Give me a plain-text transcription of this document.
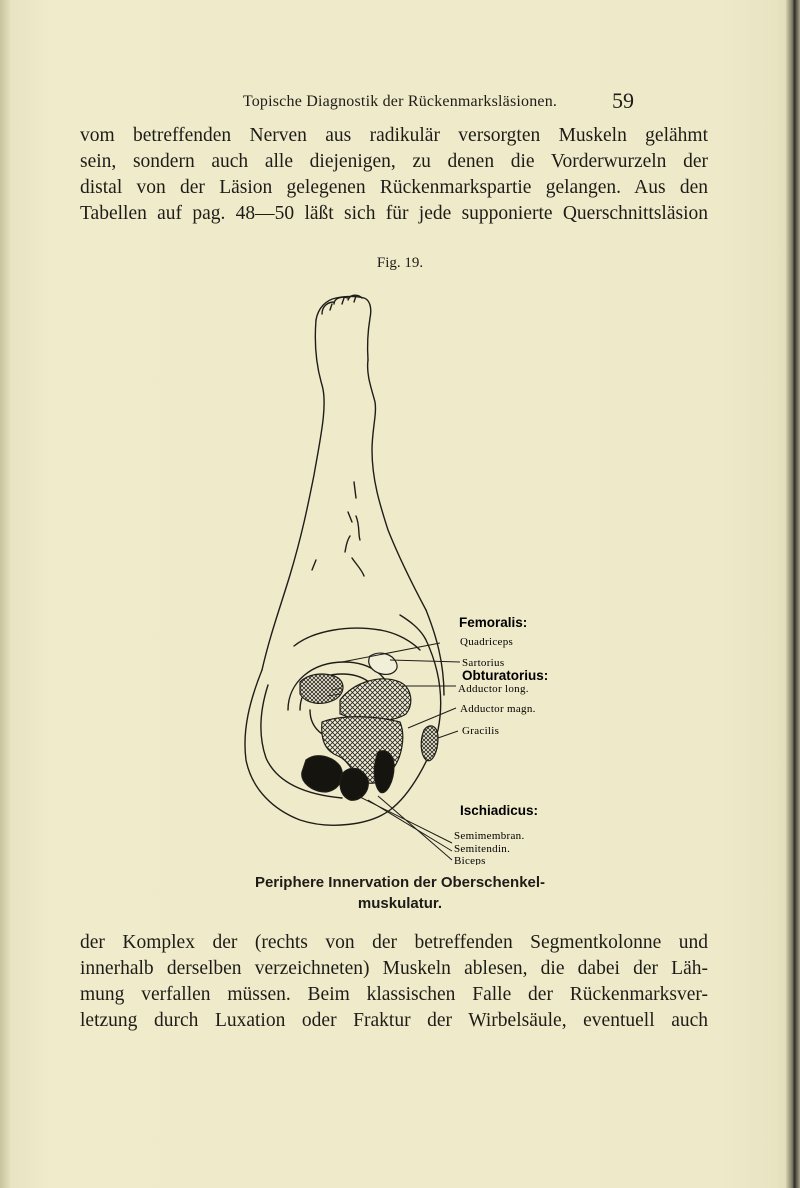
Topische Diagnostik der Rückenmarksläsionen.	59
vom betreffenden Nerven aus radikulär versorgten Muskeln gelähmt
sein, sondern auch alle diejenigen, zu denen die Vorderwurzeln der
distal von der Läsion gelegenen Rückenmarkspartie gelangen. Aus den
Tabellen auf pag. 48—50 läßt sich für jede supponierte Querschnittsläsion
Fig. 19.
Femoralis:
Quadriceps
Sartorius
Obturatorius:
Adductor long.
Adductor magn.
Gracilis
Ischiadicus:
Semimembran.
Semitendin.
Biceps
Periphere Innervation der Oberschenkel-
muskulatur.
der Komplex der (rechts von der betreffenden Segmentkolonne und
innerhalb derselben verzeichneten) Muskeln ablesen, die dabei der Läh-
mung verfallen müssen. Beim klassischen Falle der Rückenmarksver-
letzung durch Luxation oder Fraktur der Wirbelsäule, eventuell auch
